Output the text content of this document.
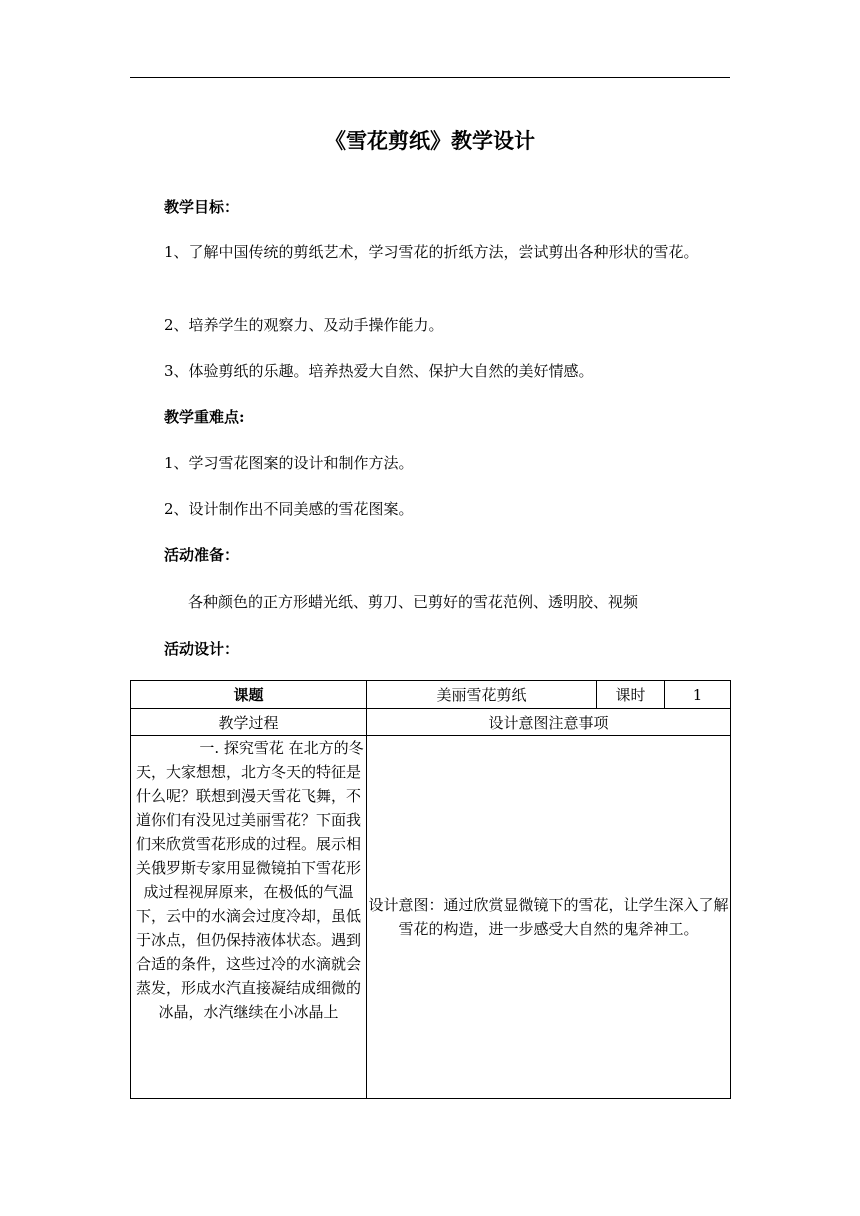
《雪花剪纸》教学设计
教学目标：
1、了解中国传统的剪纸艺术，学习雪花的折纸方法，尝试剪出各种形状的雪花。
2、培养学生的观察力、及动手操作能力。
3、体验剪纸的乐趣。培养热爱大自然、保护大自然的美好情感。
教学重难点:
1、学习雪花图案的设计和制作方法。
2、设计制作出不同美感的雪花图案。
活动准备：
各种颜色的正方形蜡光纸、剪刀、已剪好的雪花范例、透明胶、视频
活动设计：
课题	美丽雪花剪纸	课时	1
教学过程	设计意图注意事项		
一. 探究雪花 在北方的冬天，大家想想，北方冬天的特征是什么呢？联想到漫天雪花飞舞，不道你们有没见过美丽雪花？下面我们来欣赏雪花形成的过程。展示相关俄罗斯专家用显微镜拍下雪花形成过程视屏原来，在极低的气温下，云中的水滴会过度冷却，虽低于冰点，但仍保持液体状态。遇到合适的条件，这些过冷的水滴就会蒸发，形成水汽直接凝结成细微的冰晶，水汽继续在小冰晶上	设计意图：通过欣赏显微镜下的雪花，让学生深入了解雪花的构造，进一步感受大自然的鬼斧神工。		
